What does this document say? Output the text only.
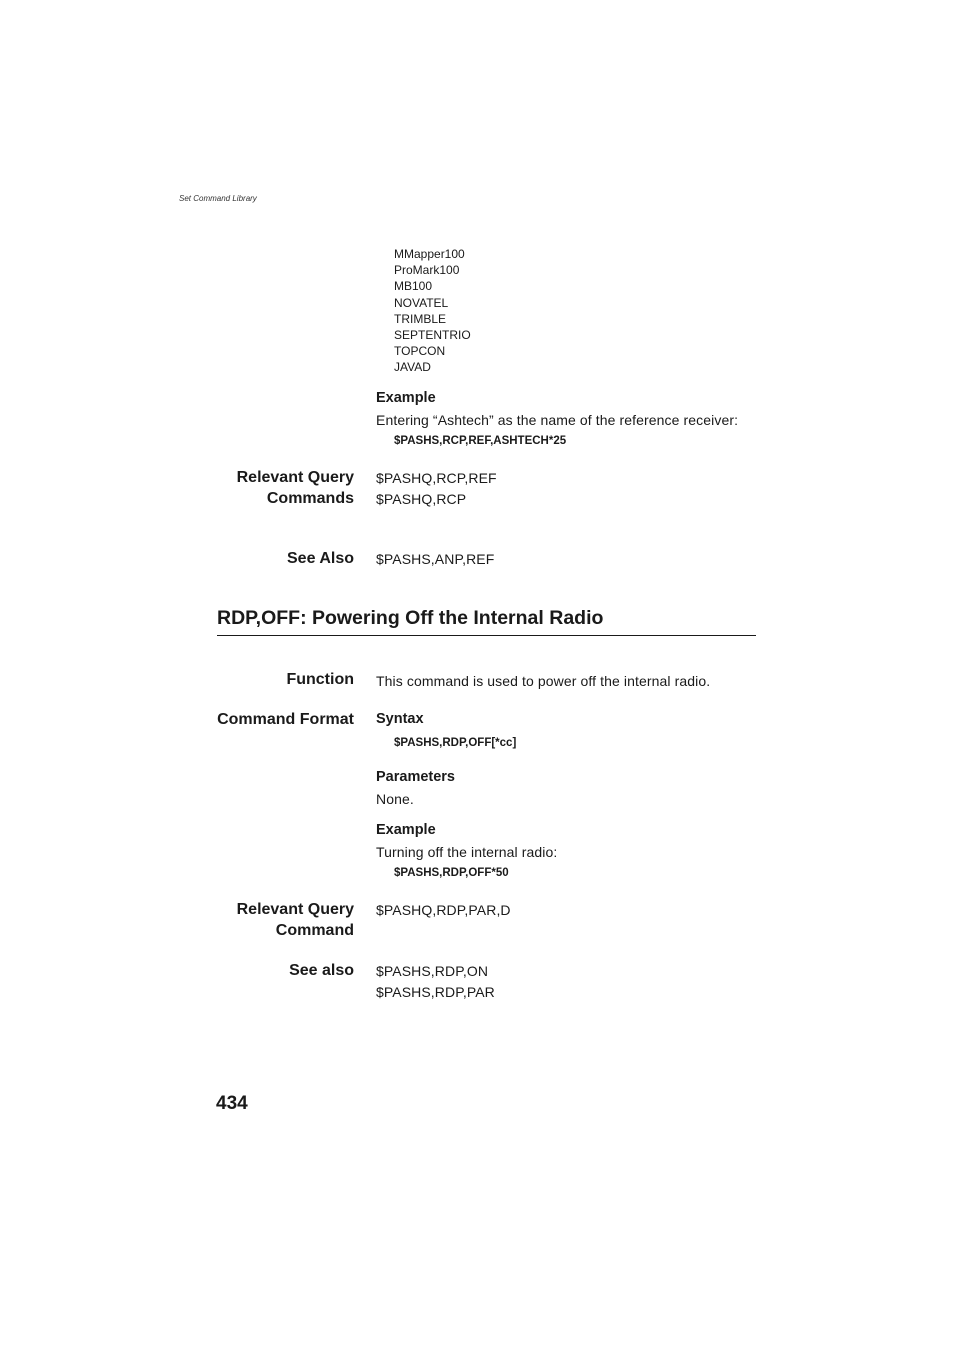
Set Command Library
MMapper100
ProMark100
MB100
NOVATEL
TRIMBLE
SEPTENTRIO
TOPCON
JAVAD
Example
Entering “Ashtech” as the name of the reference receiver:
$PASHS,RCP,REF,ASHTECH*25
Relevant Query
Commands
$PASHQ,RCP,REF
$PASHQ,RCP
See Also $PASHS,ANP,REF
RDP,OFF: Powering Off the Internal Radio
Function This command is used to power off the internal radio.
Command Format Syntax
$PASHS,RDP,OFF[*cc]
Parameters
None.
Example
Turning off the internal radio:
$PASHS,RDP,OFF*50
Relevant Query
Command
$PASHQ,RDP,PAR,D
See also $PASHS,RDP,ON
$PASHS,RDP,PAR
434
